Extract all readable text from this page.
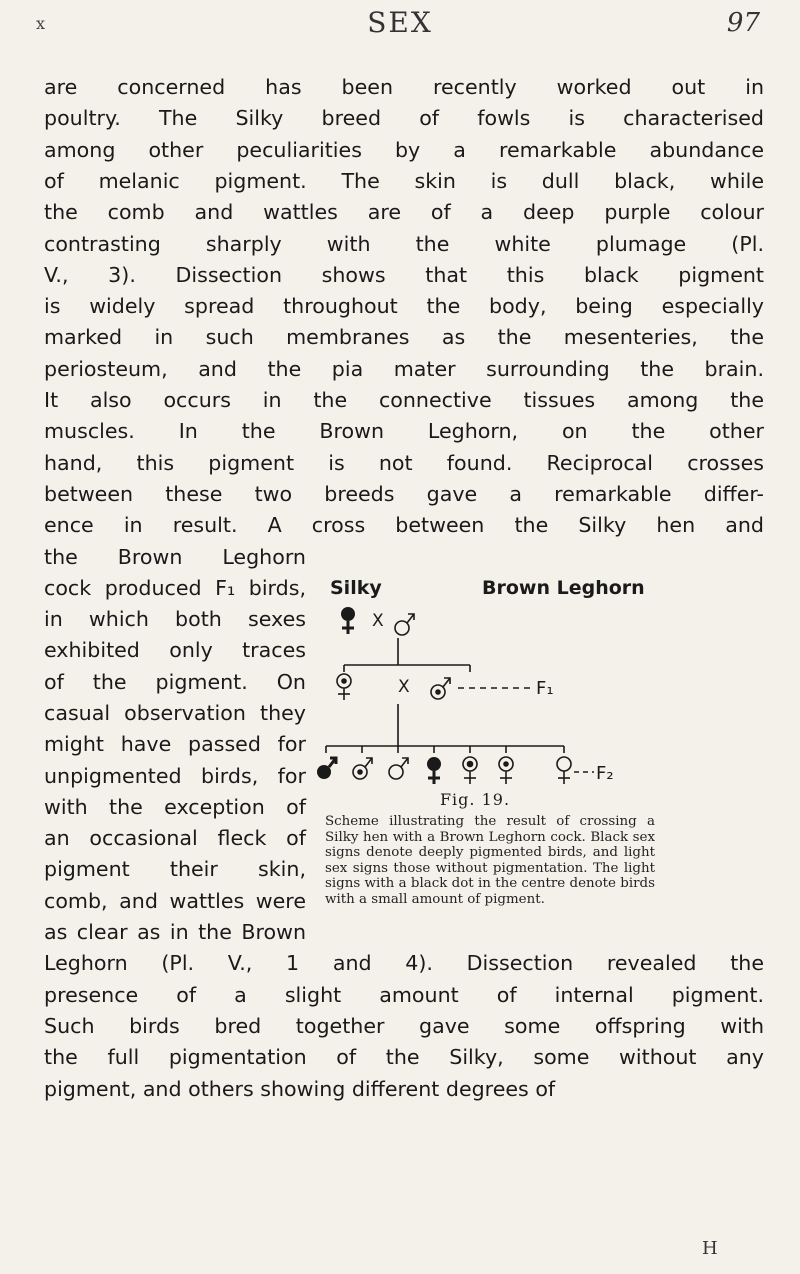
x	SEX	97
are concerned has been recently worked out in
poultry. The Silky breed of fowls is characterised
among other peculiarities by a remarkable abundance
of melanic pigment. The skin is dull black, while
the comb and wattles are of a deep purple colour
contrasting sharply with the white plumage (Pl.
V., 3). Dissection shows that this black pigment
is widely spread throughout the body, being especially
marked in such membranes as the mesenteries, the
periosteum, and the pia mater surrounding the brain.
It also occurs in the connective tissues among the
muscles. In the Brown Leghorn, on the other
hand, this pigment is not found. Reciprocal crosses
between these two breeds gave a remarkable differ-
ence in result. A cross between the Silky hen and
the Brown Leghorn
cock produced F₁ birds,
in which both sexes
exhibited only traces
of the pigment. On
casual observation they
might have passed for
unpigmented birds, for
with the exception of
an occasional fleck of
pigment their skin,
comb, and wattles were
as clear as in the Brown
Leghorn (Pl. V., 1 and 4). Dissection revealed the
presence of a slight amount of internal pigment.
Such birds bred together gave some offspring with
the full pigmentation of the Silky, some without any
pigment, and others showing different degrees of
Silky	Brown Leghorn
X
X	F₁
F₂
Fig. 19.
Scheme illustrating the result of crossing a Silky hen with a Brown Leghorn cock. Black sex signs denote deeply pigmented birds, and light sex signs those without pigmentation. The light signs with a black dot in the centre denote birds with a small amount of pigment.
H
